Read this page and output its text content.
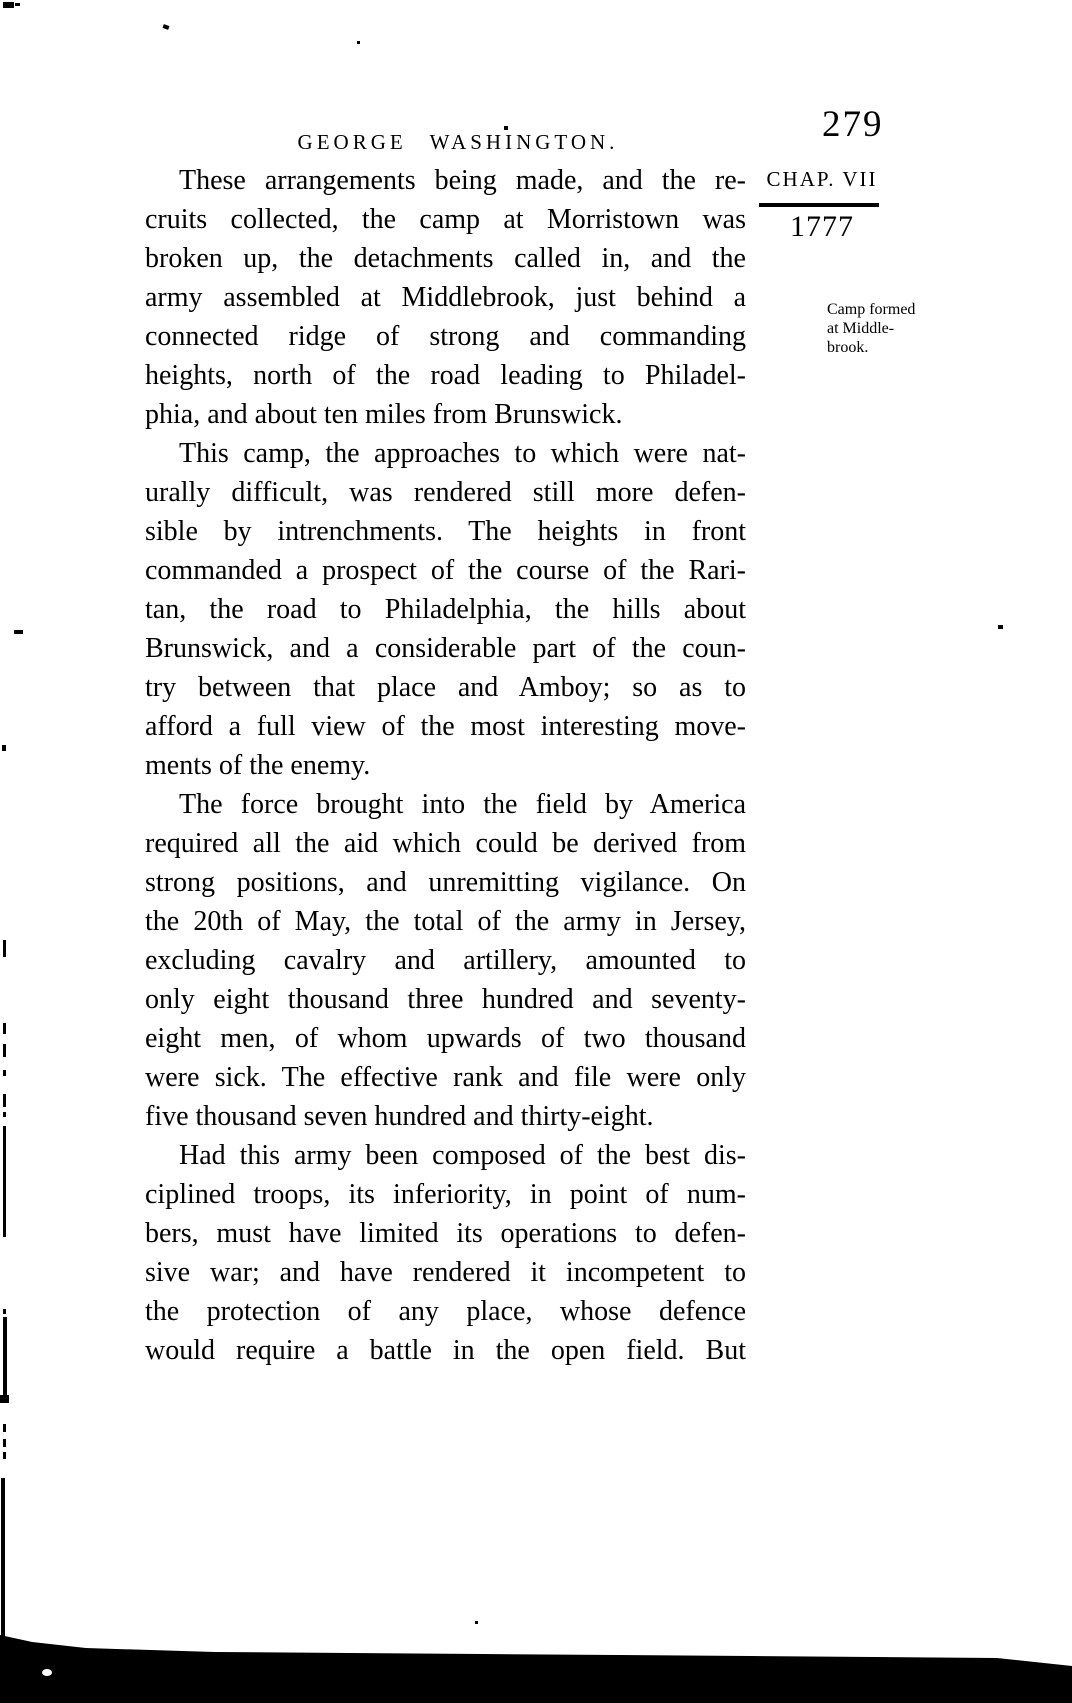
GEORGE WASHINGTON.	279
CHAP. VII
1777
Camp formed
at Middle-
brook.
These arrangements being made, and the re-
cruits collected, the camp at Morristown was
broken up, the detachments called in, and the
army assembled at Middlebrook, just behind a
connected ridge of strong and commanding
heights, north of the road leading to Philadel-
phia, and about ten miles from Brunswick.
This camp, the approaches to which were nat-
urally difficult, was rendered still more defen-
sible by intrenchments. The heights in front
commanded a prospect of the course of the Rari-
tan, the road to Philadelphia, the hills about
Brunswick, and a considerable part of the coun-
try between that place and Amboy; so as to
afford a full view of the most interesting move-
ments of the enemy.
The force brought into the field by America
required all the aid which could be derived from
strong positions, and unremitting vigilance. On
the 20th of May, the total of the army in Jersey,
excluding cavalry and artillery, amounted to
only eight thousand three hundred and seventy-
eight men, of whom upwards of two thousand
were sick. The effective rank and file were only
five thousand seven hundred and thirty-eight.
Had this army been composed of the best dis-
ciplined troops, its inferiority, in point of num-
bers, must have limited its operations to defen-
sive war; and have rendered it incompetent to
the protection of any place, whose defence
would require a battle in the open field. But
